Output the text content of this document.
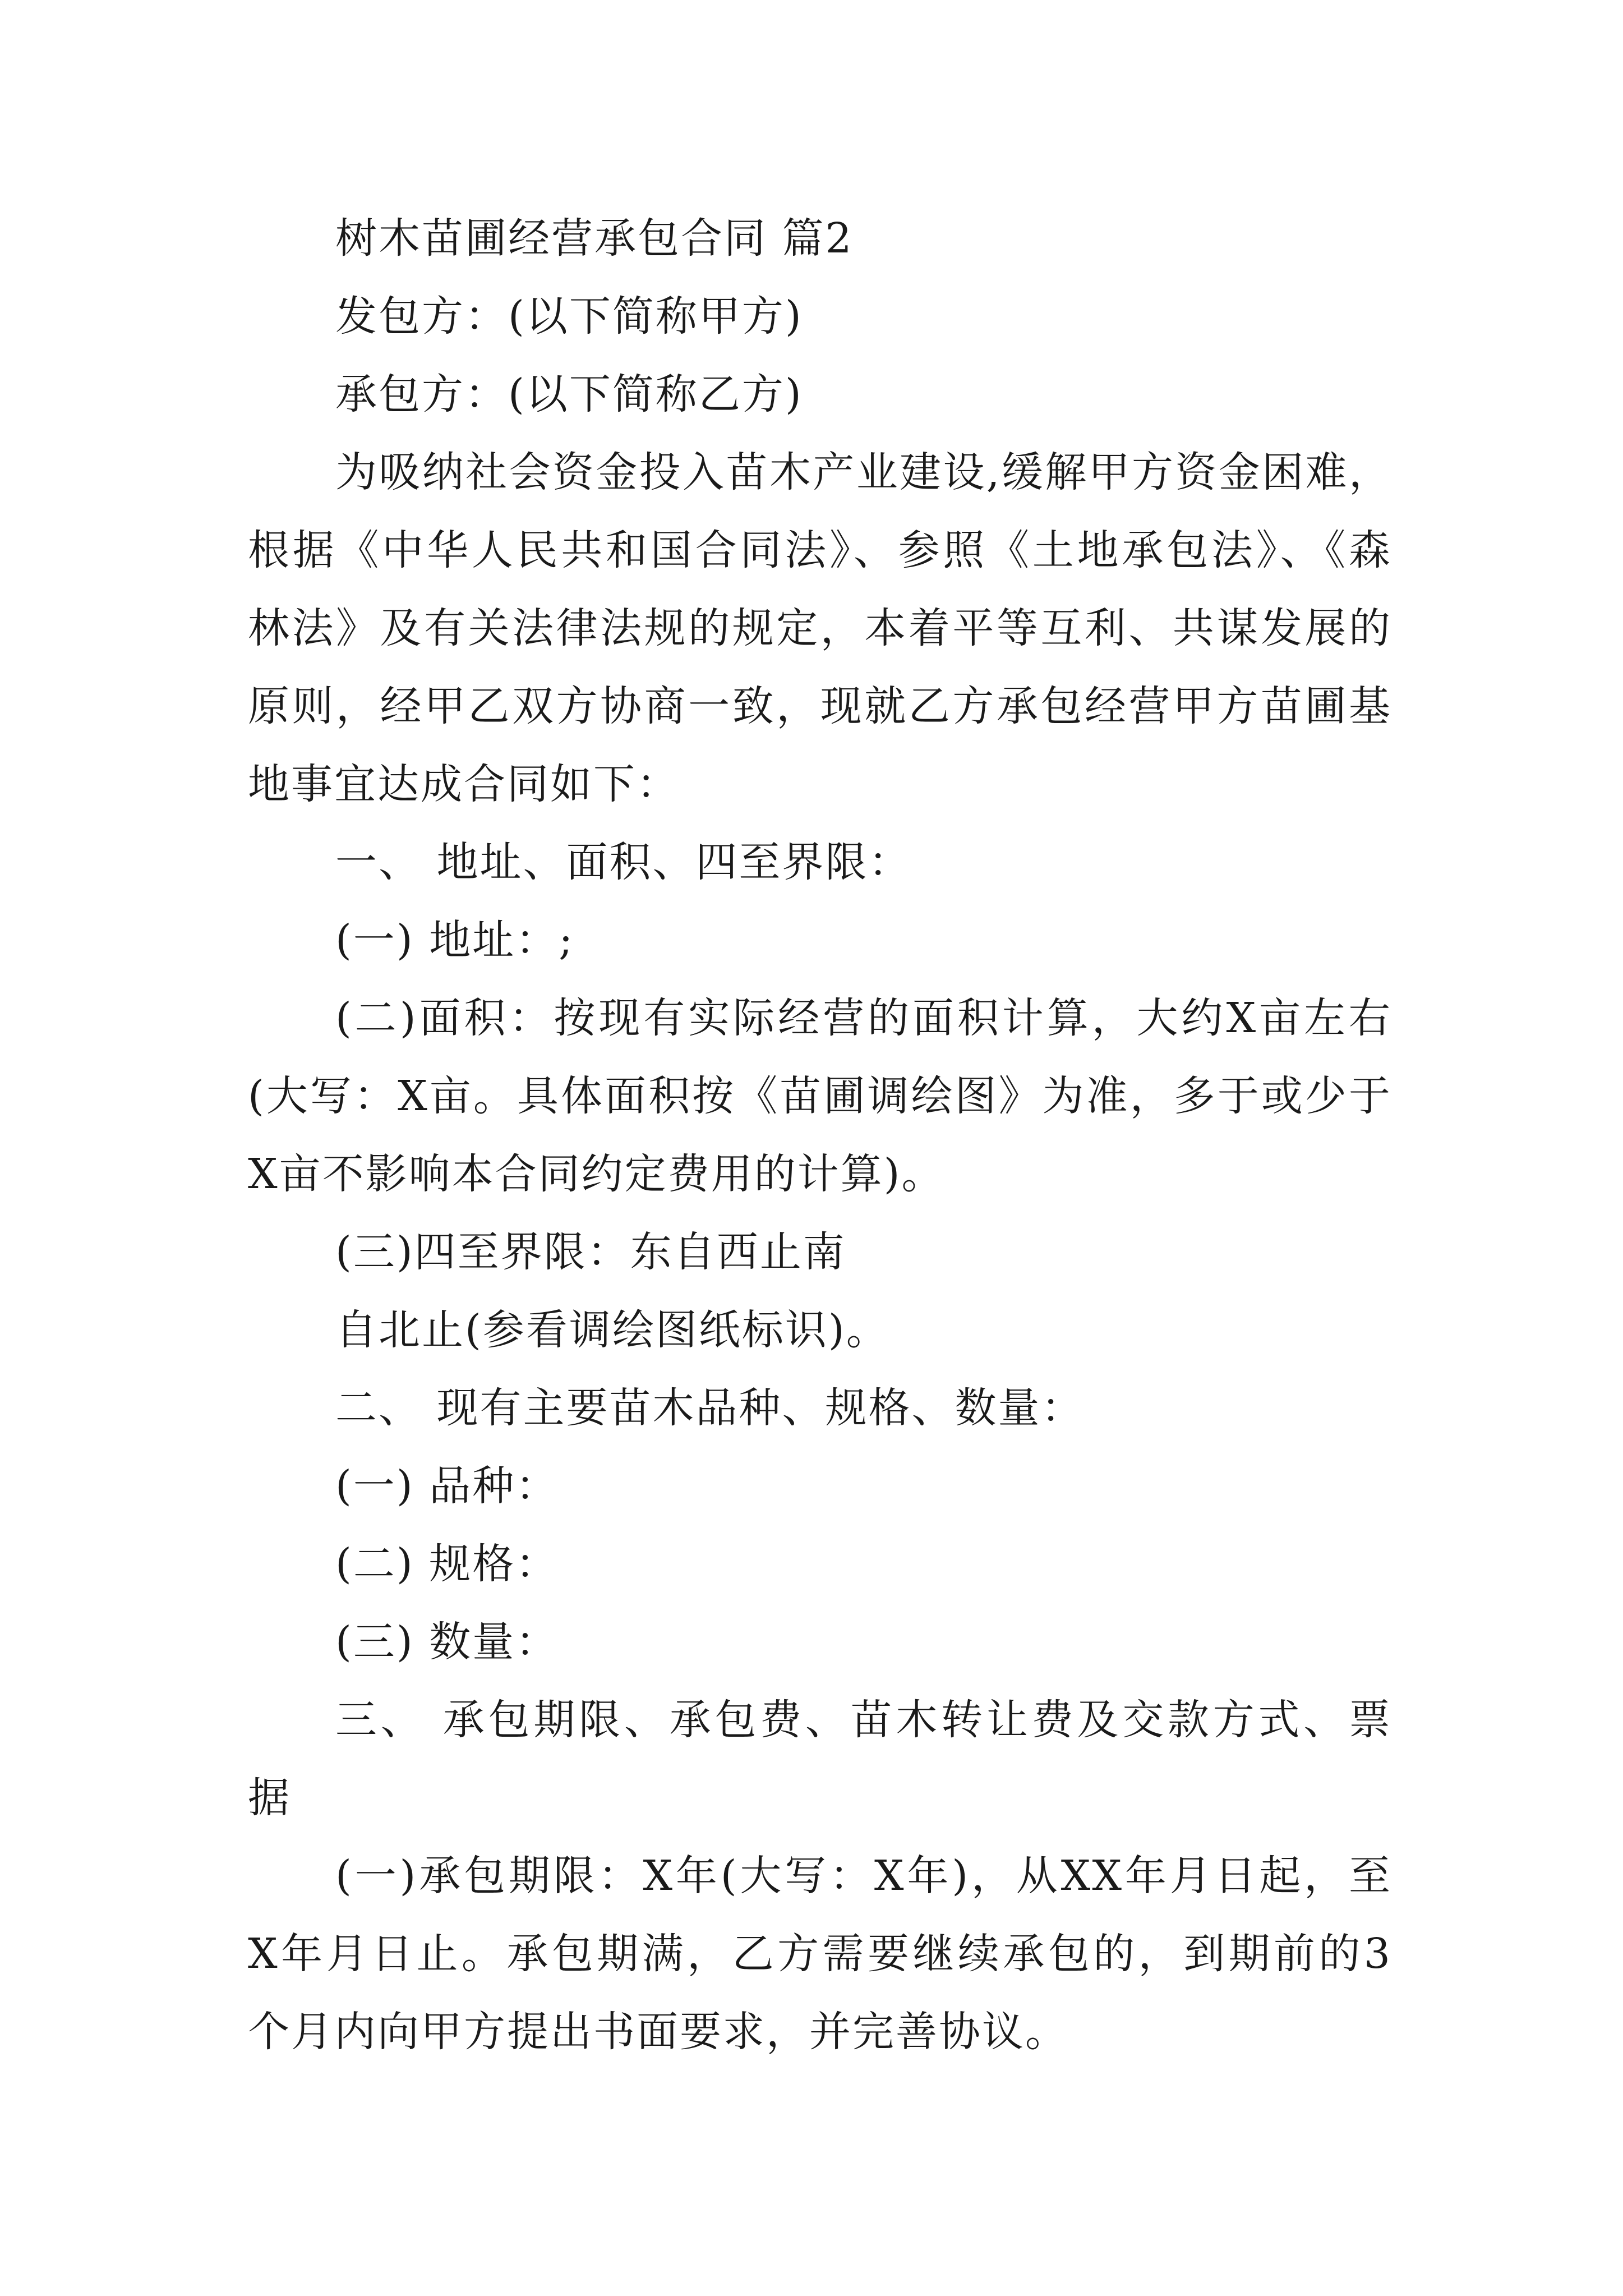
树木苗圃经营承包合同 篇2
发包方：(以下简称甲方)
承包方：(以下简称乙方)
为吸纳社会资金投入苗木产业建设,缓解甲方资金困难，
根据《中华人民共和国合同法》、参照《土地承包法》、《森
林法》及有关法律法规的规定，本着平等互利、共谋发展的
原则，经甲乙双方协商一致，现就乙方承包经营甲方苗圃基
地事宜达成合同如下：
一、 地址、面积、四至界限：
(一) 地址：;
(二)面积：按现有实际经营的面积计算，大约X亩左右
(大写：X亩。具体面积按《苗圃调绘图》为准，多于或少于
X亩不影响本合同约定费用的计算)。
(三)四至界限：东自西止南
自北止(参看调绘图纸标识)。
二、 现有主要苗木品种、规格、数量：
(一) 品种：
(二) 规格：
(三) 数量：
三、 承包期限、承包费、苗木转让费及交款方式、票
据
(一)承包期限：X年(大写：X年)，从XX年月日起，至
X年月日止。承包期满，乙方需要继续承包的，到期前的3
个月内向甲方提出书面要求，并完善协议。
